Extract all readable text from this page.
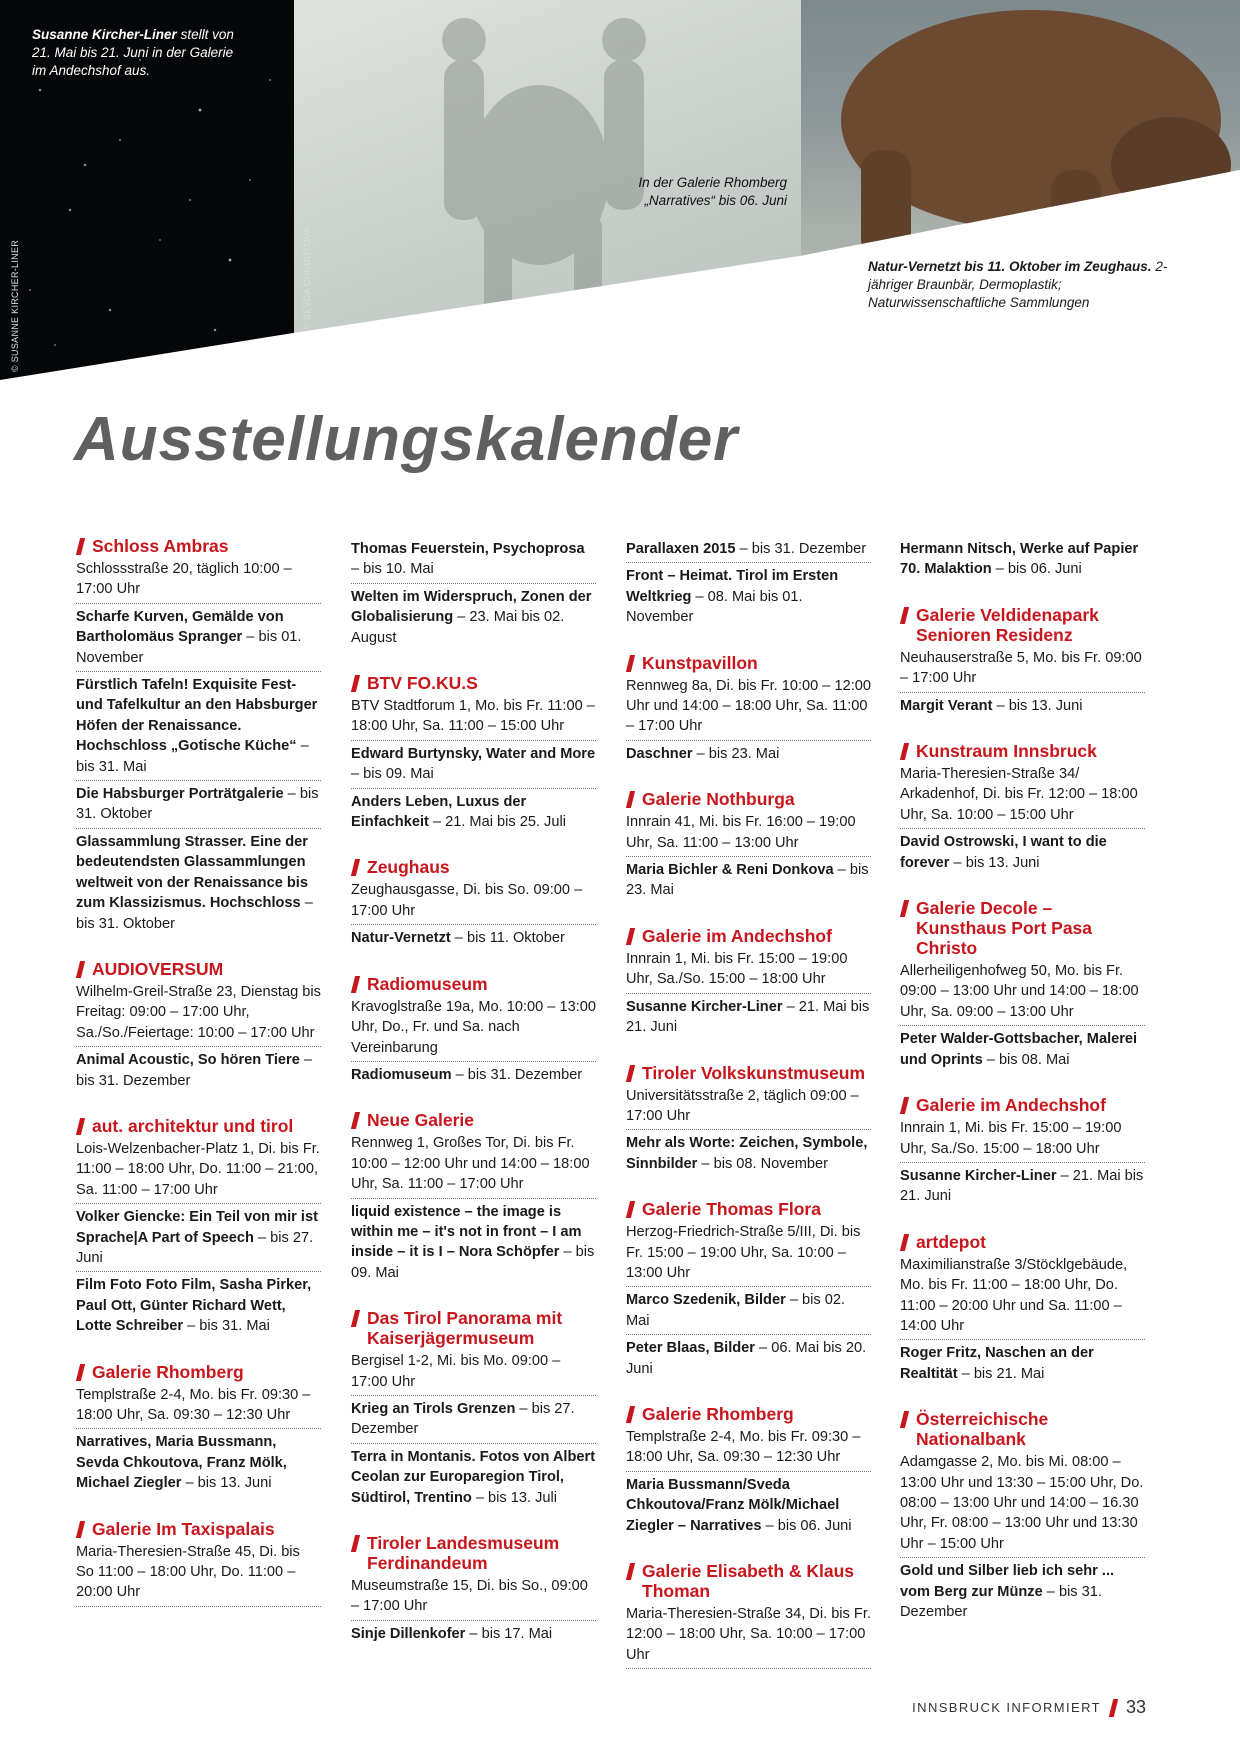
© SUSANNE KIRCHER-LINER	© SEVDA CHKOUTOVA
Susanne Kircher-Liner stellt von 21. Mai bis 21. Juni in der Galerie im Andechshof aus.
In der Galerie Rhomberg „Narratives“ bis 06. Juni
Natur-Vernetzt bis 11. Oktober im Zeughaus. 2-jähriger Braunbär, Dermoplastik; Naturwissenschaftliche Sammlungen
Ausstellungskalender
Schloss Ambras
Schlossstraße 20, täglich 10:00 – 17:00 Uhr
Scharfe Kurven, Gemälde von Bartholomäus Spranger – bis 01. November
Fürstlich Tafeln! Exquisite Fest- und Tafelkultur an den Habsburger Höfen der Renaissance. Hochschloss „Gotische Küche“ – bis 31. Mai
Die Habsburger Porträtgalerie – bis 31. Oktober
Glassammlung Strasser. Eine der bedeutendsten Glassammlungen weltweit von der Renaissance bis zum Klassizismus. Hochschloss – bis 31. Oktober
AUDIOVERSUM
Wilhelm-Greil-Straße 23, Dienstag bis Freitag: 09:00 – 17:00 Uhr, Sa./So./Feiertage: 10:00 – 17:00 Uhr
Animal Acoustic, So hören Tiere – bis 31. Dezember
aut. architektur und tirol
Lois-Welzenbacher-Platz 1, Di. bis Fr. 11:00 – 18:00 Uhr, Do. 11:00 – 21:00, Sa. 11:00 – 17:00 Uhr
Volker Giencke: Ein Teil von mir ist Sprache|A Part of Speech – bis 27. Juni
Film Foto Foto Film, Sasha Pirker, Paul Ott, Günter Richard Wett, Lotte Schreiber – bis 31. Mai
Galerie Rhomberg
Templstraße 2-4, Mo. bis Fr. 09:30 – 18:00 Uhr, Sa. 09:30 – 12:30 Uhr
Narratives, Maria Bussmann, Sevda Chkoutova, Franz Mölk, Michael Ziegler – bis 13. Juni
Galerie Im Taxispalais
Maria-Theresien-Straße 45, Di. bis So 11:00 – 18:00 Uhr, Do. 11:00 – 20:00 Uhr
Thomas Feuerstein, Psychoprosa – bis 10. Mai
Welten im Widerspruch, Zonen der Globalisierung – 23. Mai bis 02. August
BTV FO.KU.S
BTV Stadtforum 1, Mo. bis Fr. 11:00 – 18:00 Uhr, Sa. 11:00 – 15:00 Uhr
Edward Burtynsky, Water and More – bis 09. Mai
Anders Leben, Luxus der Einfachkeit – 21. Mai bis 25. Juli
Zeughaus
Zeughausgasse, Di. bis So. 09:00 – 17:00 Uhr
Natur-Vernetzt – bis 11. Oktober
Radiomuseum
Kravoglstraße 19a, Mo. 10:00 – 13:00 Uhr, Do., Fr. und Sa. nach Vereinbarung
Radiomuseum – bis 31. Dezember
Neue Galerie
Rennweg 1, Großes Tor, Di. bis Fr. 10:00 – 12:00 Uhr und 14:00 – 18:00 Uhr, Sa. 11:00 – 17:00 Uhr
liquid existence – the image is within me – it's not in front – I am inside – it is I – Nora Schöpfer – bis 09. Mai
Das Tirol Panorama mit Kaiserjägermuseum
Bergisel 1-2, Mi. bis Mo. 09:00 – 17:00 Uhr
Krieg an Tirols Grenzen – bis 27. Dezember
Terra in Montanis. Fotos von Albert Ceolan zur Europaregion Tirol, Südtirol, Trentino – bis 13. Juli
Tiroler Landesmuseum Ferdinandeum
Museumstraße 15, Di. bis So., 09:00 – 17:00 Uhr
Sinje Dillenkofer – bis 17. Mai
Parallaxen 2015 – bis 31. Dezember
Front – Heimat. Tirol im Ersten Weltkrieg – 08. Mai bis 01. November
Kunstpavillon
Rennweg 8a, Di. bis Fr. 10:00 – 12:00 Uhr und 14:00 – 18:00 Uhr, Sa. 11:00 – 17:00 Uhr
Daschner – bis 23. Mai
Galerie Nothburga
Innrain 41, Mi. bis Fr. 16:00 – 19:00 Uhr, Sa. 11:00 – 13:00 Uhr
Maria Bichler & Reni Donkova – bis 23. Mai
Galerie im Andechshof
Innrain 1, Mi. bis Fr. 15:00 – 19:00 Uhr, Sa./So. 15:00 – 18:00 Uhr
Susanne Kircher-Liner – 21. Mai bis 21. Juni
Tiroler Volkskunstmuseum
Universitätsstraße 2, täglich 09:00 – 17:00 Uhr
Mehr als Worte: Zeichen, Symbole, Sinnbilder – bis 08. November
Galerie Thomas Flora
Herzog-Friedrich-Straße 5/III, Di. bis Fr. 15:00 – 19:00 Uhr, Sa. 10:00 – 13:00 Uhr
Marco Szedenik, Bilder – bis 02. Mai
Peter Blaas, Bilder – 06. Mai bis 20. Juni
Galerie Rhomberg
Templstraße 2-4, Mo. bis Fr. 09:30 – 18:00 Uhr, Sa. 09:30 – 12:30 Uhr
Maria Bussmann/Sveda Chkoutova/Franz Mölk/Michael Ziegler – Narratives – bis 06. Juni
Galerie Elisabeth & Klaus Thoman
Maria-Theresien-Straße 34, Di. bis Fr. 12:00 – 18:00 Uhr, Sa. 10:00 – 17:00 Uhr
Hermann Nitsch, Werke auf Papier 70. Malaktion – bis 06. Juni
Galerie Veldidenapark Senioren Residenz
Neuhauserstraße 5, Mo. bis Fr. 09:00 – 17:00 Uhr
Margit Verant – bis 13. Juni
Kunstraum Innsbruck
Maria-Theresien-Straße 34/ Arkadenhof, Di. bis Fr. 12:00 – 18:00 Uhr, Sa. 10:00 – 15:00 Uhr
David Ostrowski, I want to die forever – bis 13. Juni
Galerie Decole – Kunsthaus Port Pasa Christo
Allerheiligenhofweg 50, Mo. bis Fr. 09:00 – 13:00 Uhr und 14:00 – 18:00 Uhr, Sa. 09:00 – 13:00 Uhr
Peter Walder-Gottsbacher, Malerei und Oprints – bis 08. Mai
Galerie im Andechshof
Innrain 1, Mi. bis Fr. 15:00 – 19:00 Uhr, Sa./So. 15:00 – 18:00 Uhr
Susanne Kircher-Liner – 21. Mai bis 21. Juni
artdepot
Maximilianstraße 3/Stöcklgebäude, Mo. bis Fr. 11:00 – 18:00 Uhr, Do. 11:00 – 20:00 Uhr und Sa. 11:00 – 14:00 Uhr
Roger Fritz, Naschen an der Realtität – bis 21. Mai
Österreichische Nationalbank
Adamgasse 2, Mo. bis Mi. 08:00 – 13:00 Uhr und 13:30 – 15:00 Uhr, Do. 08:00 – 13:00 Uhr und 14:00 – 16.30 Uhr, Fr. 08:00 – 13:00 Uhr und 13:30 Uhr – 15:00 Uhr
Gold und Silber lieb ich sehr ... vom Berg zur Münze – bis 31. Dezember
INNSBRUCK INFORMIERT 33
